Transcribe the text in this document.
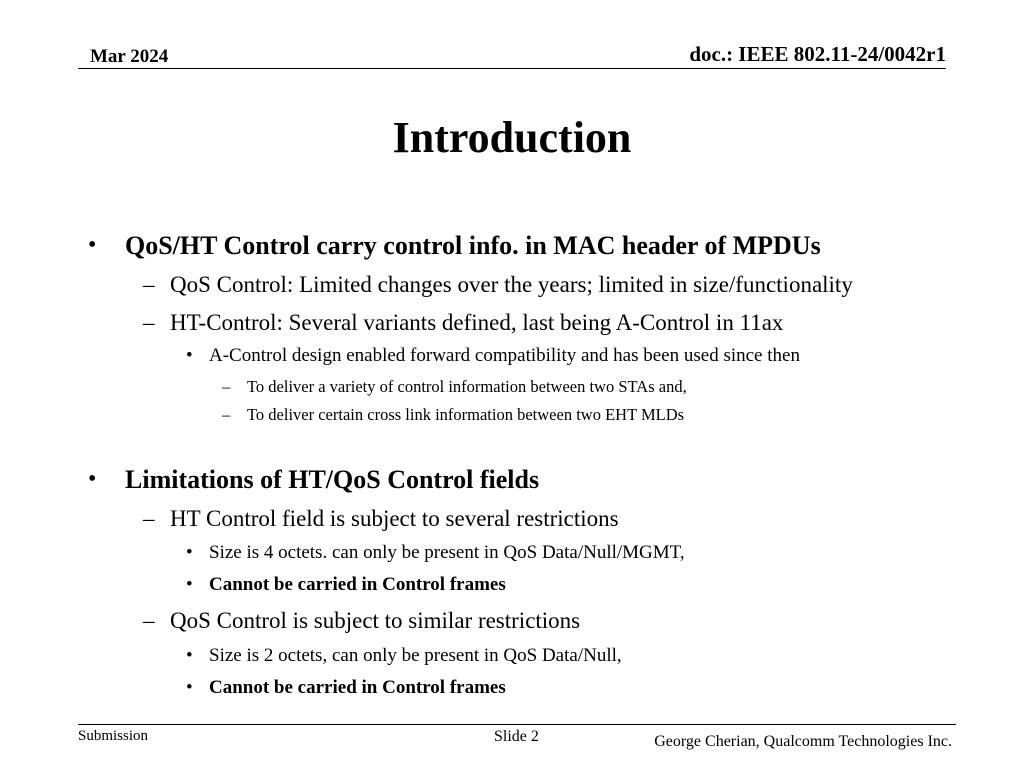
Mar 2024	doc.: IEEE 802.11-24/0042r1
Introduction
• QoS/HT Control carry control info. in MAC header of MPDUs
– QoS Control: Limited changes over the years; limited in size/functionality
– HT-Control: Several variants defined, last being A-Control in 11ax
• A-Control design enabled forward compatibility and has been used since then
– To deliver a variety of control information between two STAs and,
– To deliver certain cross link information between two EHT MLDs
• Limitations of HT/QoS Control fields
– HT Control field is subject to several restrictions
• Size is 4 octets. can only be present in QoS Data/Null/MGMT,
• Cannot be carried in Control frames
– QoS Control is subject to similar restrictions
• Size is 2 octets, can only be present in QoS Data/Null,
• Cannot be carried in Control frames
Submission	Slide 2	George Cherian, Qualcomm Technologies Inc.
